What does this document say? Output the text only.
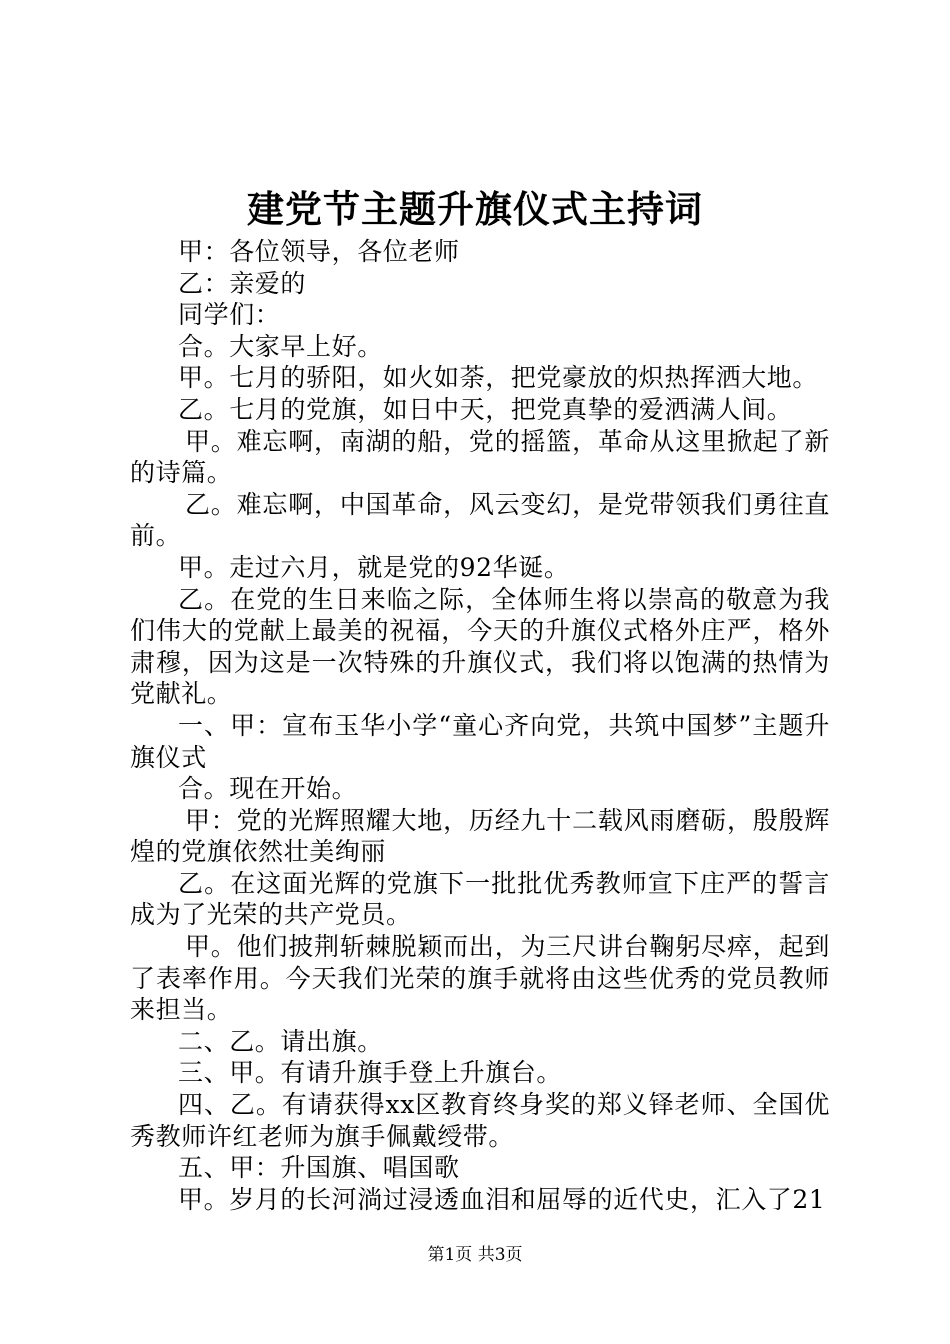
建党节主题升旗仪式主持词

甲：各位领导，各位老师

乙：亲爱的

同学们：

合。大家早上好。

甲。七月的骄阳，如火如荼，把党豪放的炽热挥洒大地。

乙。七月的党旗，如日中天，把党真挚的爱洒满人间。

甲。难忘啊，南湖的船，党的摇篮，革命从这里掀起了新的诗篇。

乙。难忘啊，中国革命，风云变幻，是党带领我们勇往直前。

甲。走过六月，就是党的92华诞。

乙。在党的生日来临之际，全体师生将以崇高的敬意为我们伟大的党献上最美的祝福，今天的升旗仪式格外庄严，格外肃穆，因为这是一次特殊的升旗仪式，我们将以饱满的热情为党献礼。

一、甲：宣布玉华小学“童心齐向党，共筑中国梦”主题升旗仪式

合。现在开始。

甲：党的光辉照耀大地，历经九十二载风雨磨砺，殷殷辉煌的党旗依然壮美绚丽

乙。在这面光辉的党旗下一批批优秀教师宣下庄严的誓言成为了光荣的共产党员。

甲。他们披荆斩棘脱颖而出，为三尺讲台鞠躬尽瘁，起到了表率作用。今天我们光荣的旗手就将由这些优秀的党员教师来担当。

二、乙。请出旗。

三、甲。有请升旗手登上升旗台。

四、乙。有请获得xx区教育终身奖的郑义铎老师、全国优秀教师许红老师为旗手佩戴绶带。

五、甲：升国旗、唱国歌

甲。岁月的长河淌过浸透血泪和屈辱的近代史，汇入了21

第1页 共3页
